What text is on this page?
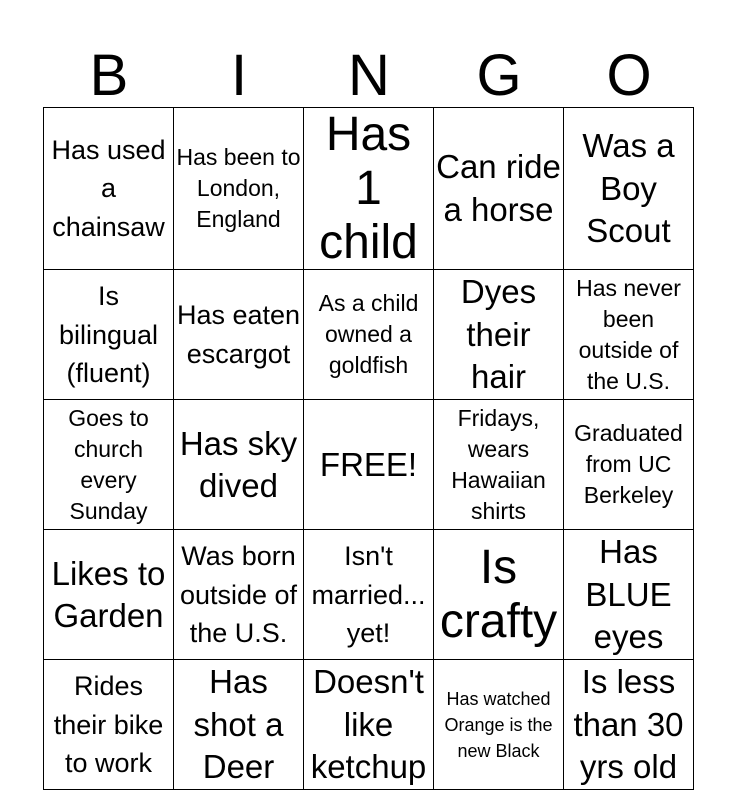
B	I	N	G	O
Has used a chainsaw	Has been to London, England	Has 1 child	Can ride a horse	Was a Boy Scout

Is bilingual (fluent)	Has eaten escargot	As a child owned a goldfish	Dyes their hair	Has never been outside of the U.S.

Goes to church every Sunday	Has sky dived	FREE!	Fridays, wears Hawaiian shirts	Graduated from UC Berkeley

Likes to Garden	Was born outside of the U.S.	Isn't married... yet!	Is crafty	Has BLUE eyes

Rides their bike to work	Has shot a Deer	Doesn't like ketchup	Has watched Orange is the new Black	Is less than 30 yrs old
